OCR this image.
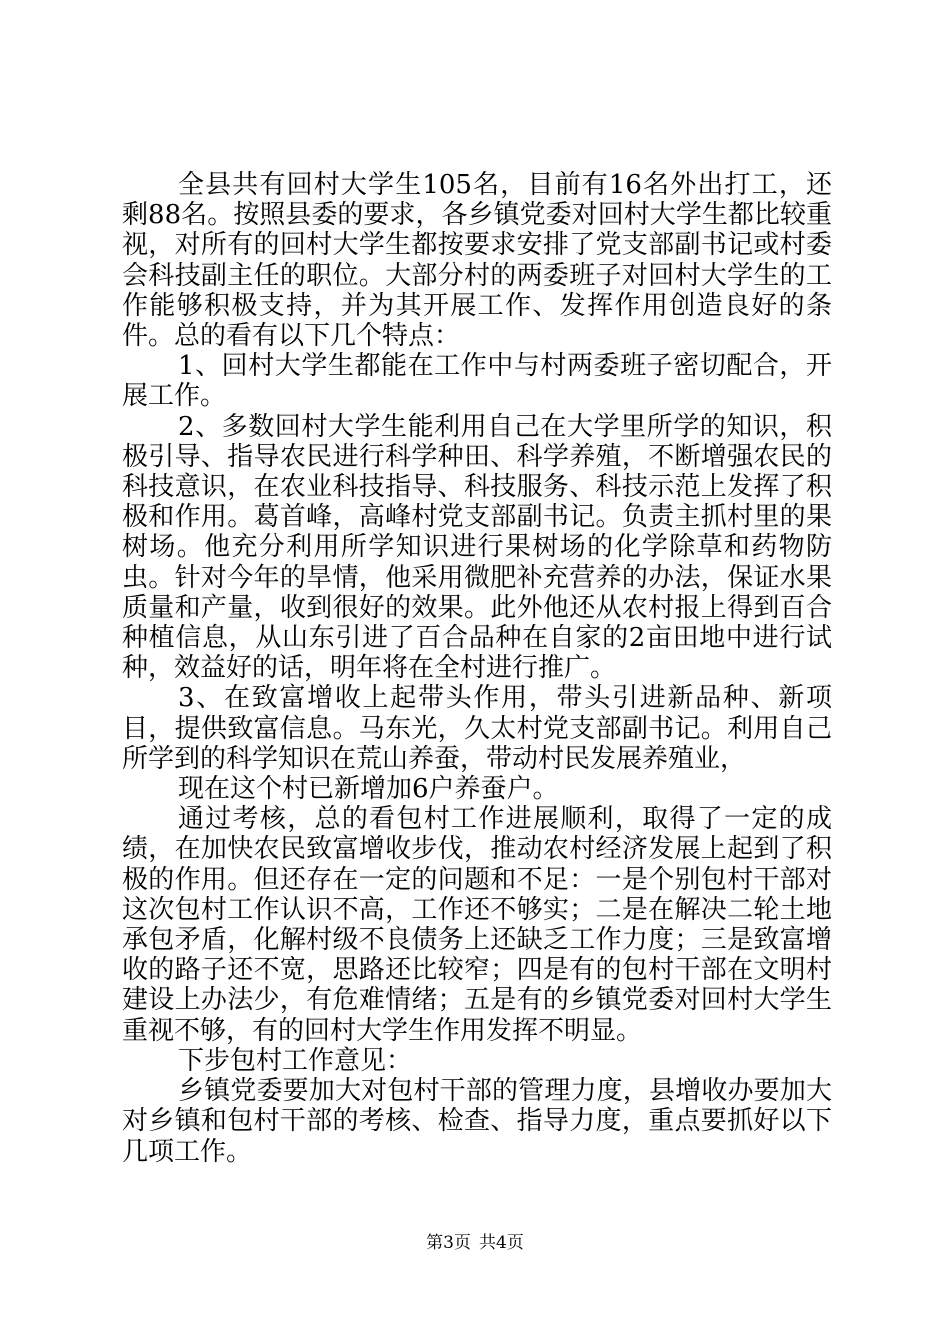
全县共有回村大学生105名，目前有16名外出打工，还剩88名。按照县委的要求，各乡镇党委对回村大学生都比较重视，对所有的回村大学生都按要求安排了党支部副书记或村委会科技副主任的职位。大部分村的两委班子对回村大学生的工作能够积极支持，并为其开展工作、发挥作用创造良好的条件。总的看有以下几个特点：

1、回村大学生都能在工作中与村两委班子密切配合，开展工作。

2、多数回村大学生能利用自己在大学里所学的知识，积极引导、指导农民进行科学种田、科学养殖，不断增强农民的科技意识，在农业科技指导、科技服务、科技示范上发挥了积极和作用。葛首峰，高峰村党支部副书记。负责主抓村里的果树场。他充分利用所学知识进行果树场的化学除草和药物防虫。针对今年的旱情，他采用微肥补充营养的办法，保证水果质量和产量，收到很好的效果。此外他还从农村报上得到百合种植信息，从山东引进了百合品种在自家的2亩田地中进行试种，效益好的话，明年将在全村进行推广。

3、在致富增收上起带头作用，带头引进新品种、新项目，提供致富信息。马东光，久太村党支部副书记。利用自己所学到的科学知识在荒山养蚕，带动村民发展养殖业，

现在这个村已新增加6户养蚕户。

通过考核，总的看包村工作进展顺利，取得了一定的成绩，在加快农民致富增收步伐，推动农村经济发展上起到了积极的作用。但还存在一定的问题和不足：一是个别包村干部对这次包村工作认识不高，工作还不够实；二是在解决二轮土地承包矛盾，化解村级不良债务上还缺乏工作力度；三是致富增收的路子还不宽，思路还比较窄；四是有的包村干部在文明村建设上办法少，有危难情绪；五是有的乡镇党委对回村大学生重视不够，有的回村大学生作用发挥不明显。

下步包村工作意见：

乡镇党委要加大对包村干部的管理力度，县增收办要加大对乡镇和包村干部的考核、检查、指导力度，重点要抓好以下几项工作。

第3页 共4页
